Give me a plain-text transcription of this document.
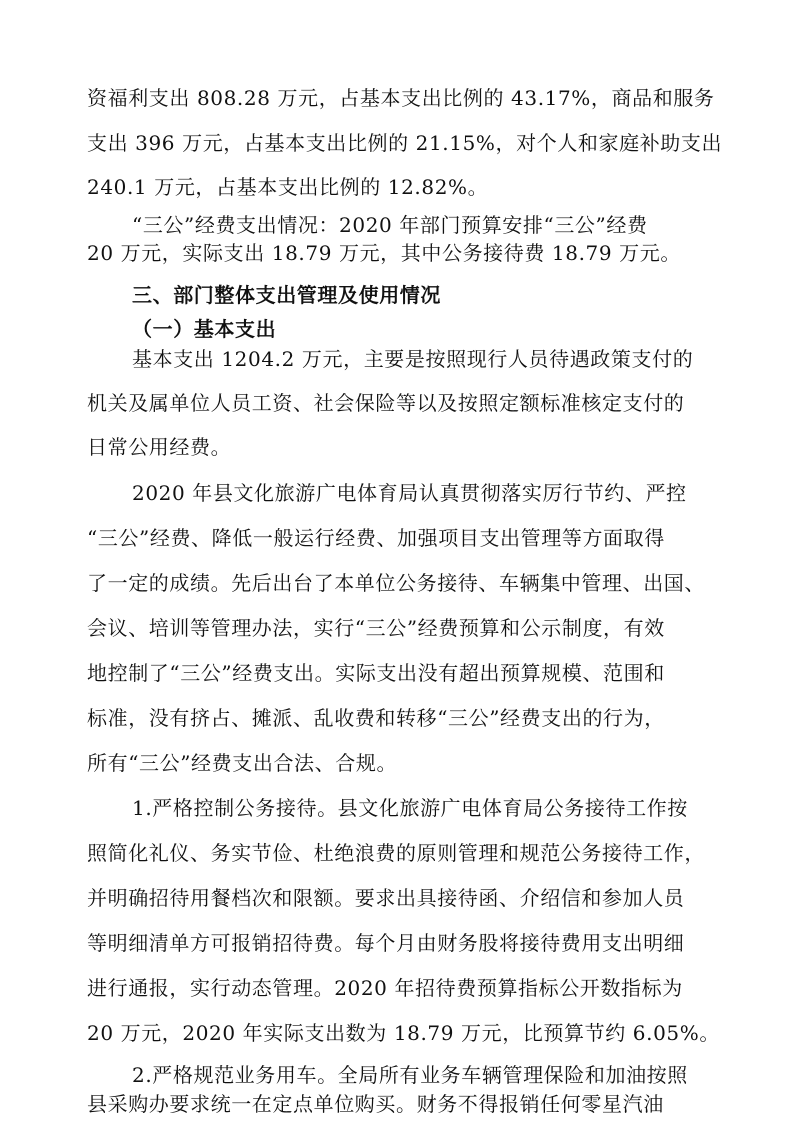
资福利支出 808.28 万元，占基本支出比例的 43.17%，商品和服务
支出 396 万元，占基本支出比例的 21.15%，对个人和家庭补助支出
240.1 万元，占基本支出比例的 12.82%。
“三公”经费支出情况：2020 年部门预算安排“三公”经费
20 万元，实际支出 18.79 万元，其中公务接待费 18.79 万元。
三、部门整体支出管理及使用情况
（一）基本支出
基本支出 1204.2 万元，主要是按照现行人员待遇政策支付的
机关及属单位人员工资、社会保险等以及按照定额标准核定支付的
日常公用经费。
2020 年县文化旅游广电体育局认真贯彻落实厉行节约、严控
“三公”经费、降低一般运行经费、加强项目支出管理等方面取得
了一定的成绩。先后出台了本单位公务接待、车辆集中管理、出国、
会议、培训等管理办法，实行“三公”经费预算和公示制度，有效
地控制了“三公”经费支出。实际支出没有超出预算规模、范围和
标准，没有挤占、摊派、乱收费和转移“三公”经费支出的行为，
所有“三公”经费支出合法、合规。
1.严格控制公务接待。县文化旅游广电体育局公务接待工作按
照简化礼仪、务实节俭、杜绝浪费的原则管理和规范公务接待工作，
并明确招待用餐档次和限额。要求出具接待函、介绍信和参加人员
等明细清单方可报销招待费。每个月由财务股将接待费用支出明细
进行通报，实行动态管理。2020 年招待费预算指标公开数指标为
20 万元，2020 年实际支出数为 18.79 万元，比预算节约 6.05%。
2.严格规范业务用车。全局所有业务车辆管理保险和加油按照
县采购办要求统一在定点单位购买。财务不得报销任何零星汽油
